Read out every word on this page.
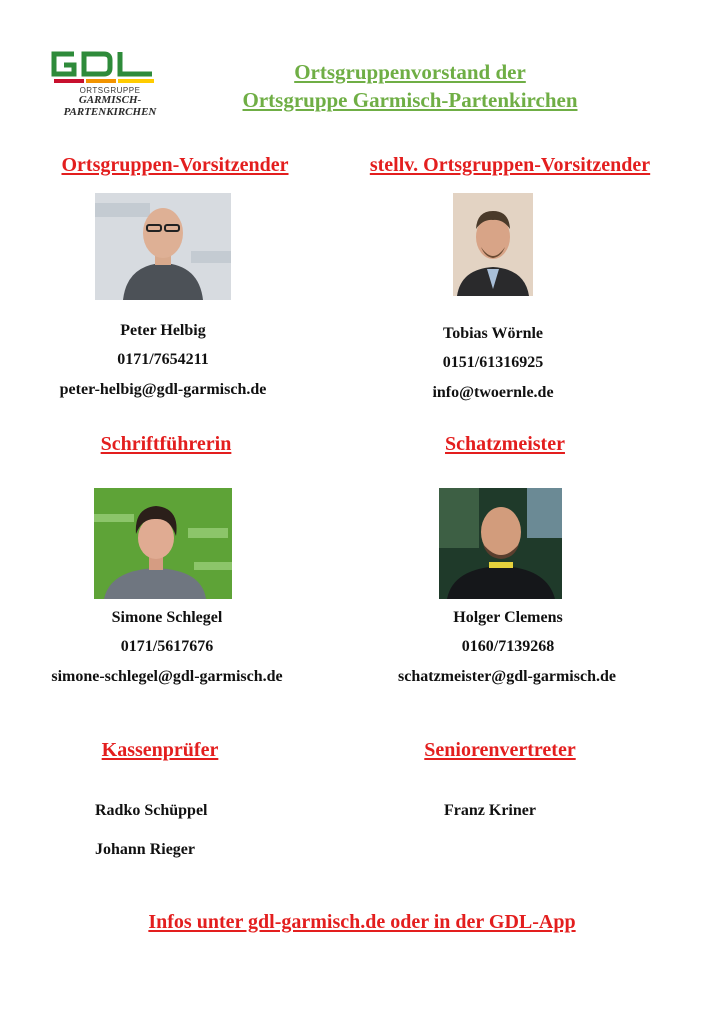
ORTSGRUPPE
GARMISCH-
PARTENKIRCHEN
Ortsgruppenvorstand der
Ortsgruppe Garmisch-Partenkirchen
Ortsgruppen-Vorsitzender	stellv. Ortsgruppen-Vorsitzender
Peter Helbig
0171/7654211
peter-helbig@gdl-garmisch.de
Tobias Wörnle
0151/61316925
info@twoernle.de
Schriftführerin	Schatzmeister
Simone Schlegel
0171/5617676
simone-schlegel@gdl-garmisch.de
Holger Clemens
0160/7139268
schatzmeister@gdl-garmisch.de
Kassenprüfer	Seniorenvertreter
Radko Schüppel
Johann Rieger
Franz Kriner
Infos unter gdl-garmisch.de oder in der GDL-App
